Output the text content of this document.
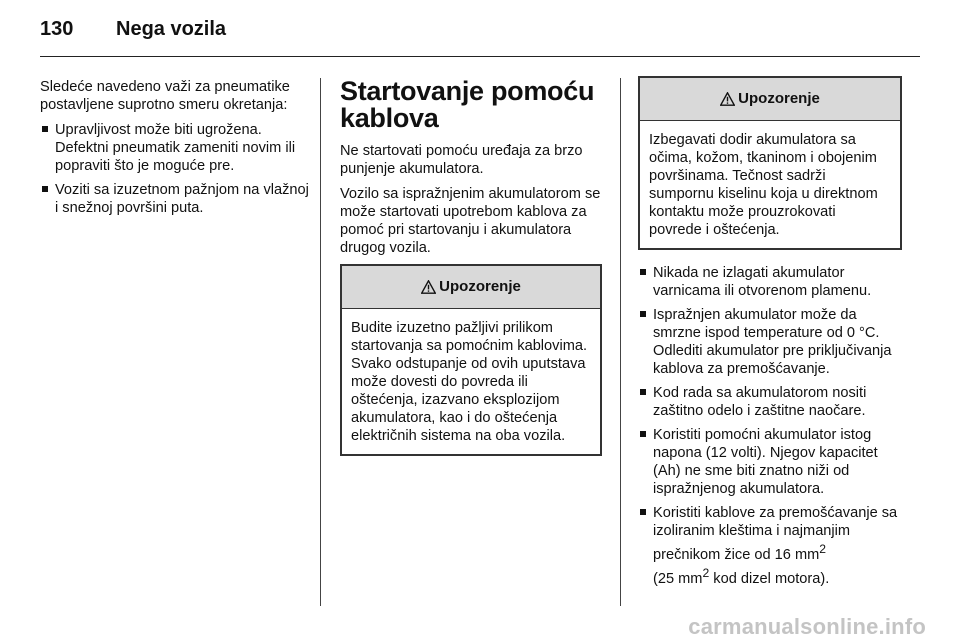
130 Nega vozila

Sledeće navedeno važi za pneumatike postavljene suprotno smeru okretanja:

Upravljivost može biti ugrožena. Defektni pneumatik zameniti novim ili popraviti što je moguće pre.
Voziti sa izuzetnom pažnjom na vlažnoj i snežnoj površini puta.
Startovanje pomoću kablova

Ne startovati pomoću uređaja za brzo punjenje akumulatora.

Vozilo sa ispražnjenim akumulatorom se može startovati upotrebom kablova za pomoć pri startovanju i akumulatora drugog vozila.

Upozorenje
Budite izuzetno pažljivi prilikom startovanja sa pomoćnim kablovima. Svako odstupanje od ovih uputstava može dovesti do povreda ili oštećenja, izazvano eksplozijom akumulatora, kao i do oštećenja električnih sistema na oba vozila.
Upozorenje
Izbegavati dodir akumulatora sa očima, kožom, tkaninom i obojenim površinama. Tečnost sadrži sumpornu kiselinu koja u direktnom kontaktu može prouzrokovati povrede i oštećenja.
Nikada ne izlagati akumulator varnicama ili otvorenom plamenu.
Ispražnjen akumulator može da smrzne ispod temperature od 0 °C. Odlediti akumulator pre priključivanja kablova za premošćavanje.
Kod rada sa akumulatorom nositi zaštitno odelo i zaštitne naočare.
Koristiti pomoćni akumulator istog napona (12 volti). Njegov kapacitet (Ah) ne sme biti znatno niži od ispražnjenog akumulatora.
Koristiti kablove za premošćavanje sa izoliranim kleštima i najmanjim prečnikom žice od 16 $mm^2$
(25 $mm^2$ kod dizel motora).
carmanualsonline.info
